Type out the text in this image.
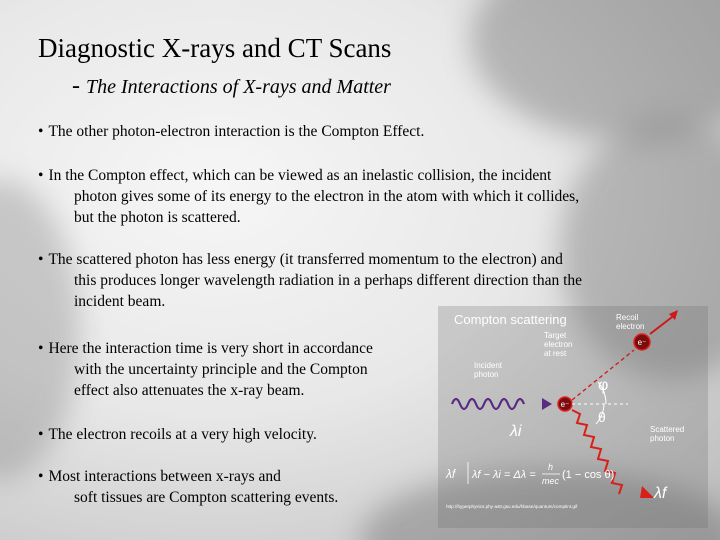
Diagnostic X-rays and CT Scans
- The Interactions of X-rays and Matter
• The other photon-electron interaction is the Compton Effect.
• In the Compton effect, which can be viewed as an inelastic collision, the incident
photon gives some of its energy to the electron in the atom with which it collides,
but the photon is scattered.
• The scattered photon has less energy (it transferred momentum to the electron) and
this produces longer wavelength radiation in a perhaps different direction than the
incident beam.
• Here the interaction time is very short in accordance
with the uncertainty principle and the Compton
effect also attenuates the x-ray beam.
• The electron recoils at a very high velocity.
• Most interactions between x-rays and
soft tissues are Compton scattering events.
Compton scattering	Recoil electron
Incident photon
Target electron at rest
Scattered photon
e⁻
e⁻
φ
θ
λi
λf
λf λf − λi = Δλ =
h
mec (1 − cos θ)
http://hyperphysics.phy-astr.gsu.edu/hbase/quantum/comptint.gif
